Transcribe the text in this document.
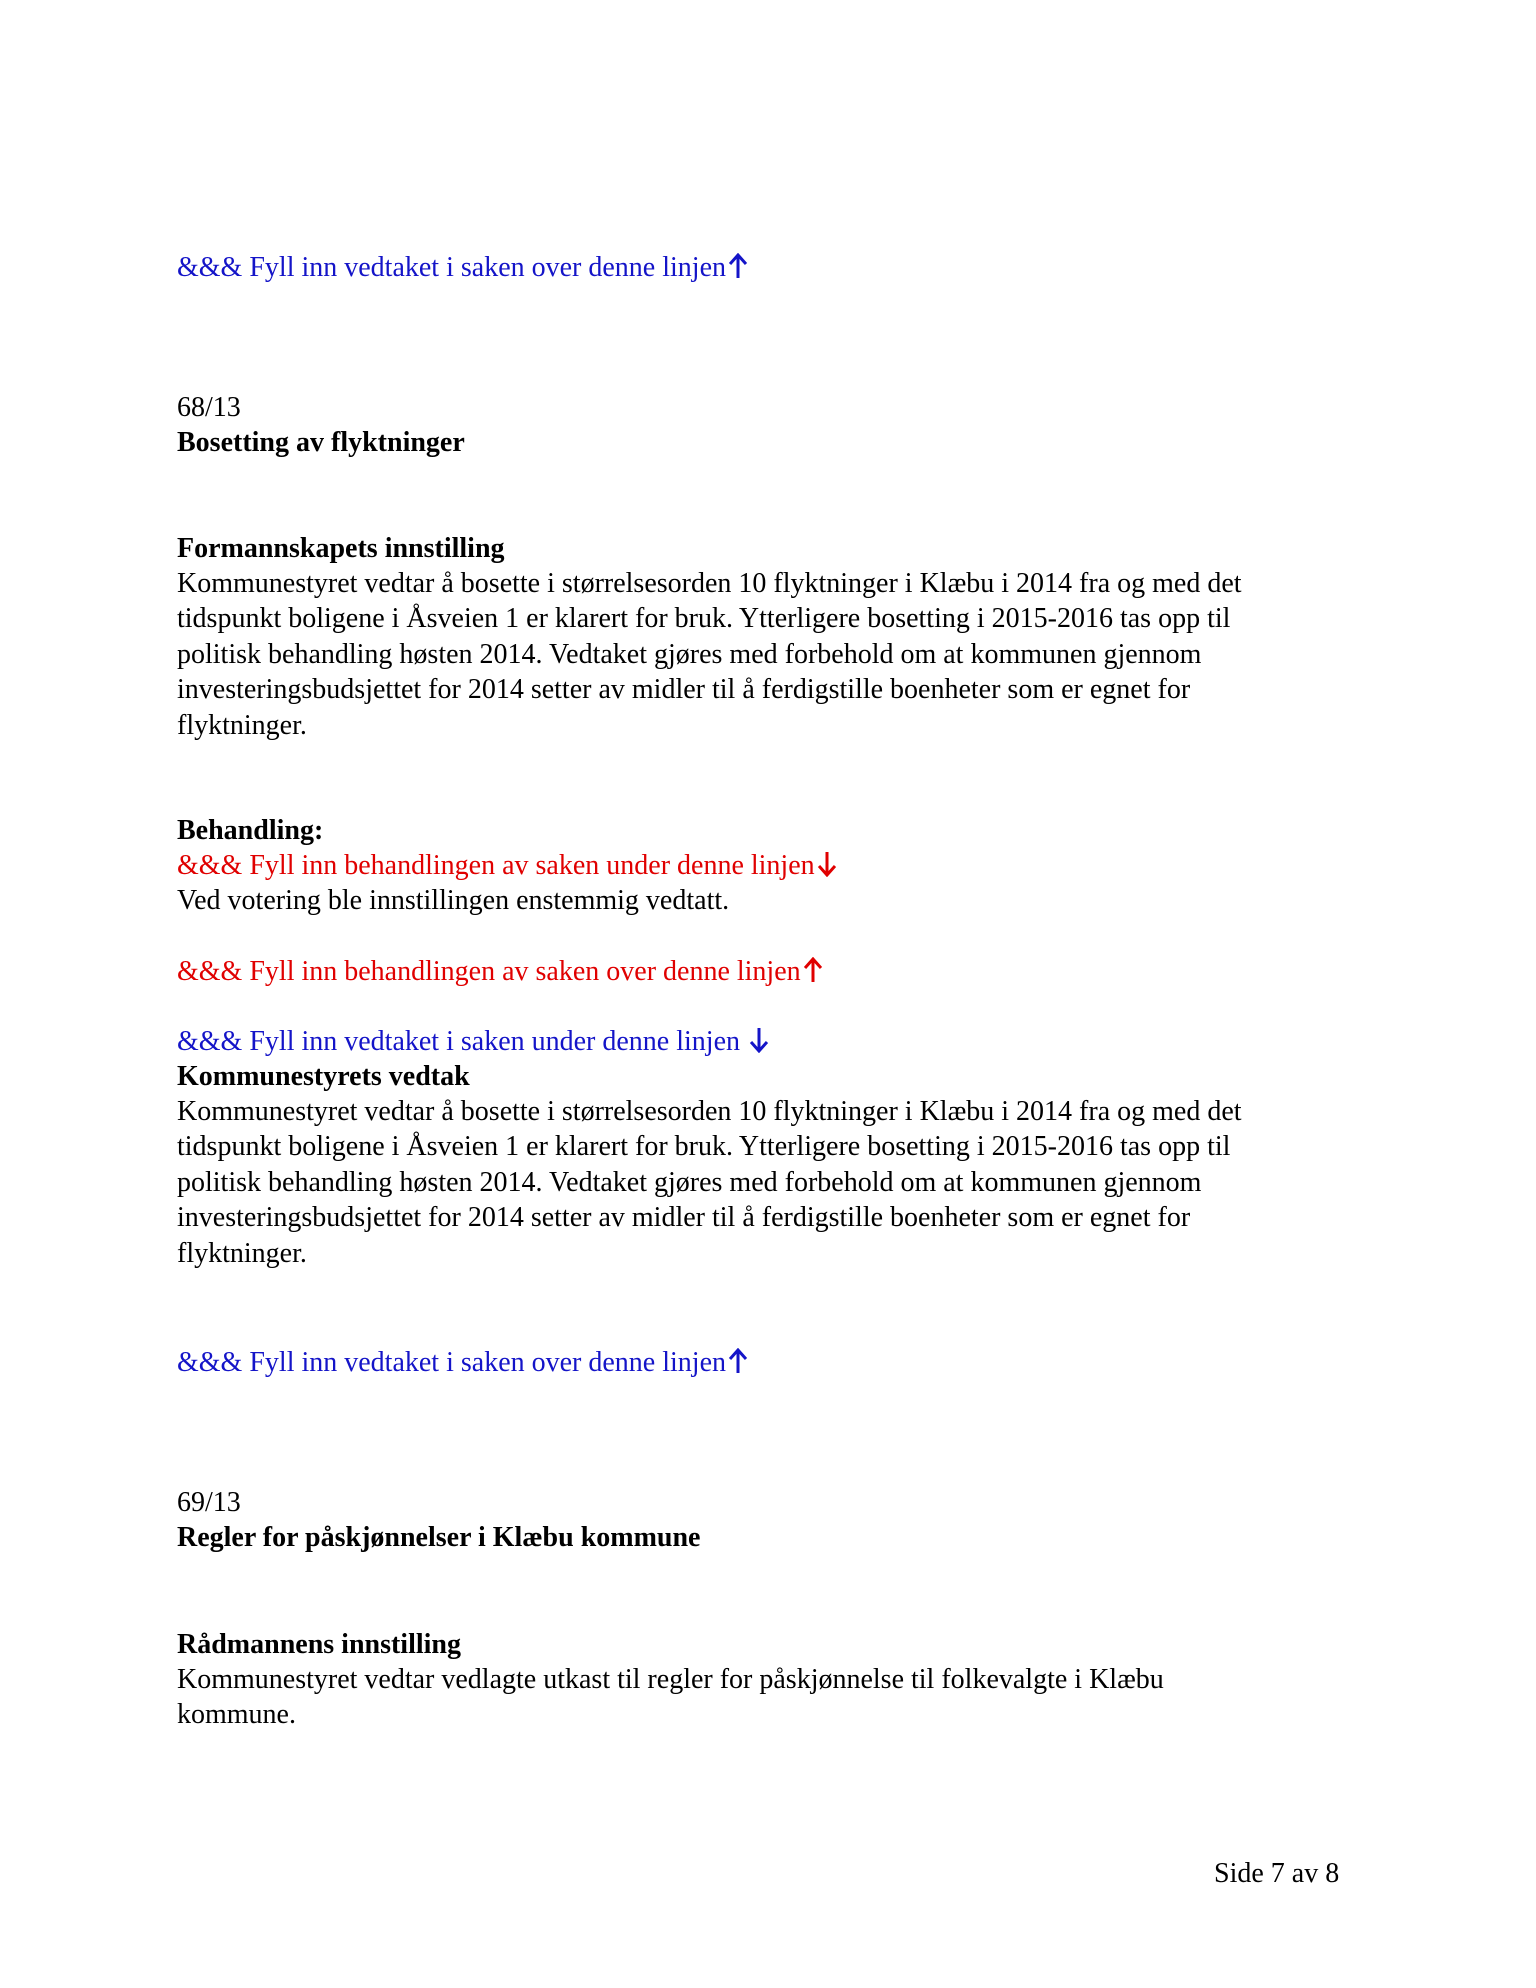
&&& Fyll inn vedtaket i saken over denne linjen

68/13

Bosetting av flyktninger

Formannskapets innstilling

Kommunestyret vedtar å bosette i størrelsesorden 10 flyktninger i Klæbu i 2014 fra og med det
tidspunkt boligene i Åsveien 1 er klarert for bruk. Ytterligere bosetting i 2015-2016 tas opp til
politisk behandling høsten 2014. Vedtaket gjøres med forbehold om at kommunen gjennom
investeringsbudsjettet for 2014 setter av midler til å ferdigstille boenheter som er egnet for
flyktninger.

Behandling:

&&& Fyll inn behandlingen av saken under denne linjen

Ved votering ble innstillingen enstemmig vedtatt.

&&& Fyll inn behandlingen av saken over denne linjen

&&& Fyll inn vedtaket i saken under denne linjen

Kommunestyrets vedtak

Kommunestyret vedtar å bosette i størrelsesorden 10 flyktninger i Klæbu i 2014 fra og med det
tidspunkt boligene i Åsveien 1 er klarert for bruk. Ytterligere bosetting i 2015-2016 tas opp til
politisk behandling høsten 2014. Vedtaket gjøres med forbehold om at kommunen gjennom
investeringsbudsjettet for 2014 setter av midler til å ferdigstille boenheter som er egnet for
flyktninger.

&&& Fyll inn vedtaket i saken over denne linjen

69/13

Regler for påskjønnelser i Klæbu kommune

Rådmannens innstilling

Kommunestyret vedtar vedlagte utkast til regler for påskjønnelse til folkevalgte i Klæbu
kommune.
Side 7 av 8
